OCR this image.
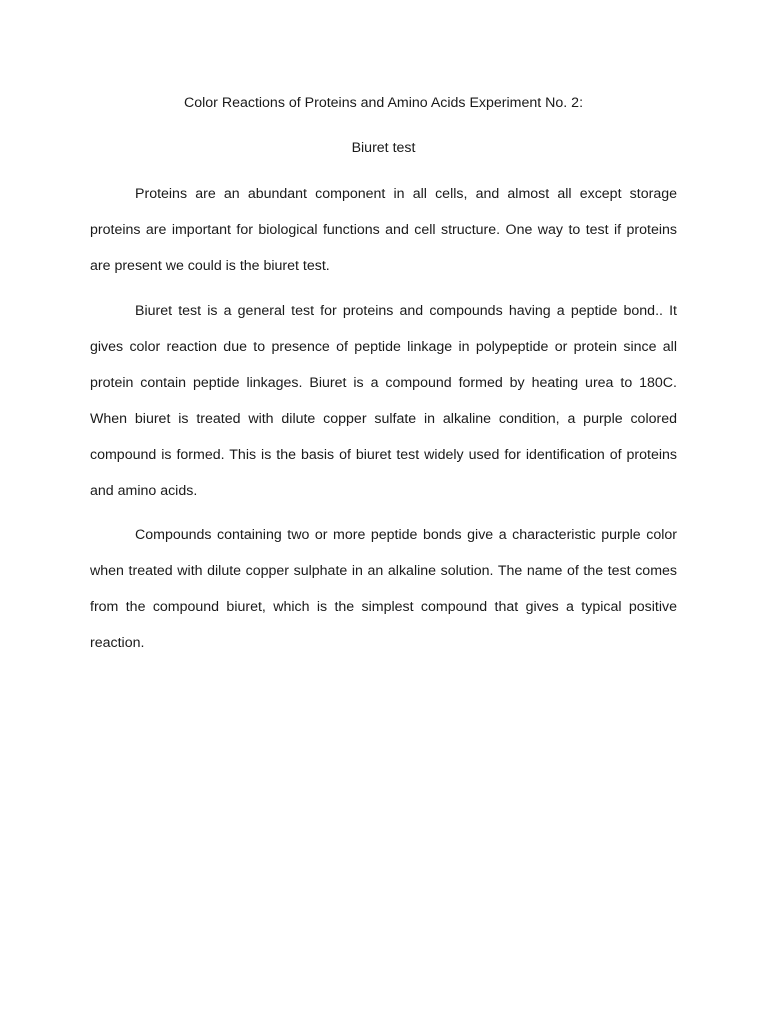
Color Reactions of Proteins and Amino Acids Experiment No. 2:
Biuret test

Proteins are an abundant component in all cells, and almost all except storage proteins are important for biological functions and cell structure. One way to test if proteins are present we could is the biuret test.

Biuret test is a general test for proteins and compounds having a peptide bond.. It gives color reaction due to presence of peptide linkage in polypeptide or protein since all protein contain peptide linkages. Biuret is a compound formed by heating urea to 180C. When biuret is treated with dilute copper sulfate in alkaline condition, a purple colored compound is formed. This is the basis of biuret test widely used for identification of proteins and amino acids.

Compounds containing two or more peptide bonds give a characteristic purple color when treated with dilute copper sulphate in an alkaline solution. The name of the test comes from the compound biuret, which is the simplest compound that gives a typical positive reaction.
